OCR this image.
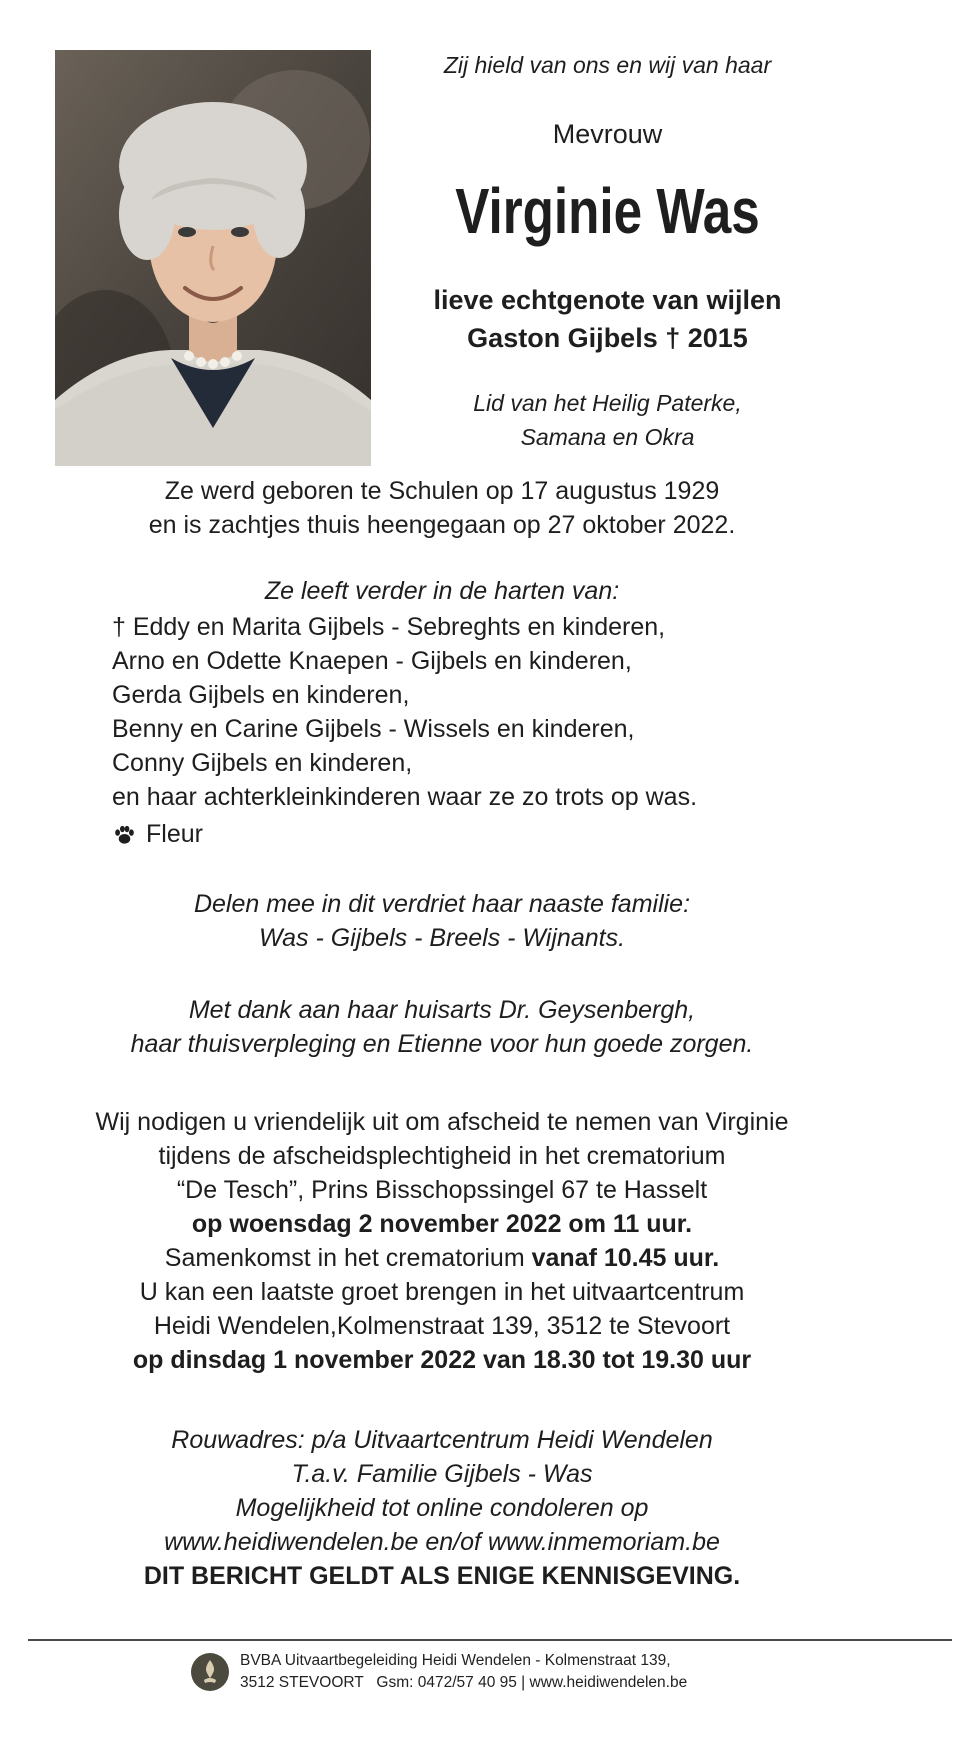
Zij hield van ons en wij van haar
Mevrouw
Virginie Was
lieve echtgenote van wijlen
Gaston Gijbels † 2015
Lid van het Heilig Paterke,
Samana en Okra
Ze werd geboren te Schulen op 17 augustus 1929
en is zachtjes thuis heengegaan op 27 oktober 2022.
Ze leeft verder in de harten van:
† Eddy en Marita Gijbels - Sebreghts en kinderen,
Arno en Odette Knaepen - Gijbels en kinderen,
Gerda Gijbels en kinderen,
Benny en Carine Gijbels - Wissels en kinderen,
Conny Gijbels en kinderen,
en haar achterkleinkinderen waar ze zo trots op was.
Fleur
Delen mee in dit verdriet haar naaste familie:
Was - Gijbels - Breels - Wijnants.
Met dank aan haar huisarts Dr. Geysenbergh,
haar thuisverpleging en Etienne voor hun goede zorgen.
Wij nodigen u vriendelijk uit om afscheid te nemen van Virginie
tijdens de afscheidsplechtigheid in het crematorium
“De Tesch”, Prins Bisschopssingel 67 te Hasselt
op woensdag 2 november 2022 om 11 uur.
Samenkomst in het crematorium vanaf 10.45 uur.
U kan een laatste groet brengen in het uitvaartcentrum
Heidi Wendelen,Kolmenstraat 139, 3512 te Stevoort
op dinsdag 1 november 2022 van 18.30 tot 19.30 uur
Rouwadres: p/a Uitvaartcentrum Heidi Wendelen
T.a.v. Familie Gijbels - Was
Mogelijkheid tot online condoleren op
www.heidiwendelen.be en/of www.inmemoriam.be
DIT BERICHT GELDT ALS ENIGE KENNISGEVING.
BVBA Uitvaartbegeleiding Heidi Wendelen - Kolmenstraat 139,
3512 STEVOORT   Gsm: 0472/57 40 95 | www.heidiwendelen.be
